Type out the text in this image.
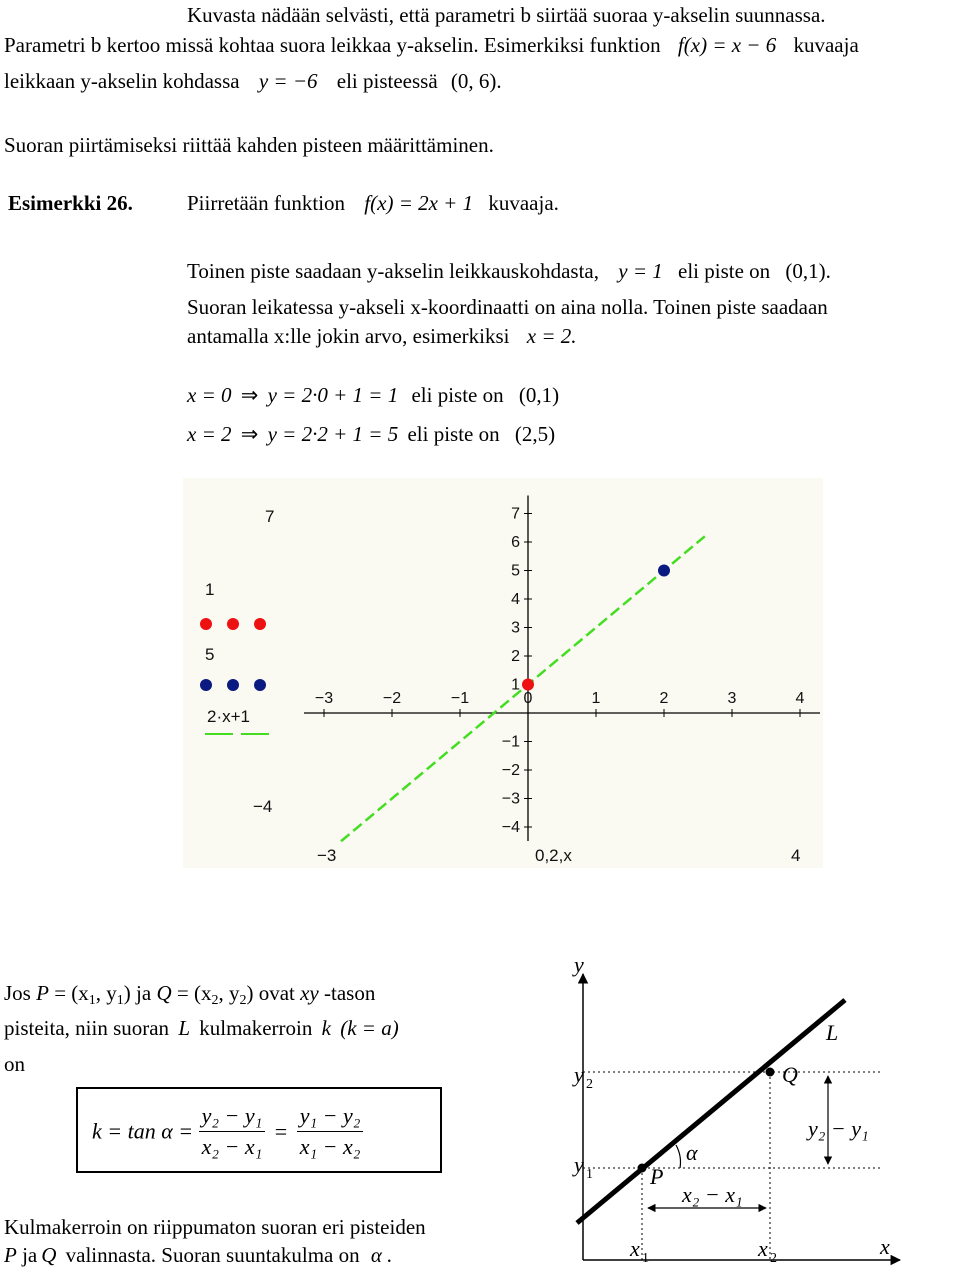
Kuvasta nädään selvästi, että parametri b siirtää suoraa y-akselin suunnassa.
Parametri b kertoo missä kohtaa suora leikkaa y-akselin. Esimerkiksi funktion f(x) = x − 6 kuvaaja
leikkaan y-akselin kohdassa y = −6 eli pisteessä (0, 6).
Suoran piirtämiseksi riittää kahden pisteen määrittäminen.
Esimerkki 26.	Piirretään funktion f(x) = 2x + 1 kuvaaja.
Toinen piste saadaan y-akselin leikkauskohdasta, y = 1 eli piste on (0,1).
Suoran leikatessa y-akseli x-koordinaatti on aina nolla. Toinen piste saadaan
antamalla x:lle jokin arvo, esimerkiksi x = 2.
x = 0 ⇒ y = 2·0 + 1 = 1 eli piste on (0,1)
x = 2 ⇒ y = 2·2 + 1 = 5 eli piste on (2,5)
7
1
5
2·x+1
−4
−3	−2	−1	0	1	2	3	4
−4
−3
−2
−1
1
2
3
4
5
6
7
−3	0,2,x	4
Jos $P = (x_1$, $y_1$) ja $Q = (x_2$, $y_2$) ovat xy -tason
pisteita, niin suoran L kulmakerroin k (k = a)
on
$k = \tan \alpha = \frac{\text{y₂ − y₁}}{\text{x₂ − x₁}} = \frac{\text{y₁ − y₂}}{\text{x₁ − x₂}}$
Kulmakerroin on riippumaton suoran eri pisteiden
P ja Q valinnasta. Suoran suuntakulma on α .
y
x
y 2
y 1
x 1	x 2
L
Q
P
α
y₂ − y₁
x₂ − x₁
